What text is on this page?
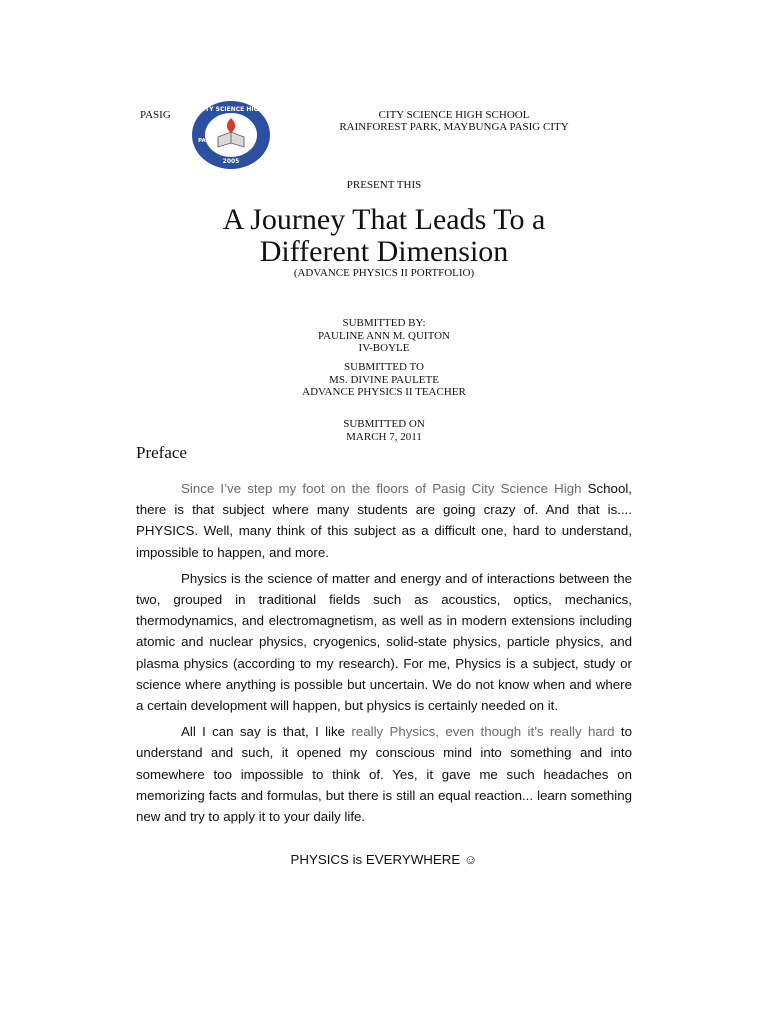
PASIG	CITY SCIENCE HIGH
PASIG
2005
CITY SCIENCE HIGH SCHOOL
RAINFOREST PARK, MAYBUNGA PASIG CITY
PRESENT THIS
A Journey That Leads To a
Different Dimension
(ADVANCE PHYSICS II PORTFOLIO)
SUBMITTED BY:
PAULINE ANN M. QUITON
IV-BOYLE
SUBMITTED TO
MS. DIVINE PAULETE
ADVANCE PHYSICS II TEACHER
SUBMITTED ON
MARCH 7, 2011
Preface

Since I’ve step my foot on the floors of Pasig City Science High School, there is that subject where many students are going crazy of. And that is.... PHYSICS. Well, many think of this subject as a difficult one, hard to understand, impossible to happen, and more.

Physics is the science of matter and energy and of interactions between the two, grouped in traditional fields such as acoustics, optics, mechanics, thermodynamics, and electromagnetism, as well as in modern extensions including atomic and nuclear physics, cryogenics, solid-state physics, particle physics, and plasma physics (according to my research). For me, Physics is a subject, study or science where anything is possible but uncertain. We do not know when and where a certain development will happen, but physics is certainly needed on it.

All I can say is that, I like really Physics, even though it’s really hard to understand and such, it opened my conscious mind into something and into somewhere too impossible to think of. Yes, it gave me such headaches on memorizing facts and formulas, but there is still an equal reaction... learn something new and try to apply it to your daily life.

PHYSICS is EVERYWHERE ☺
